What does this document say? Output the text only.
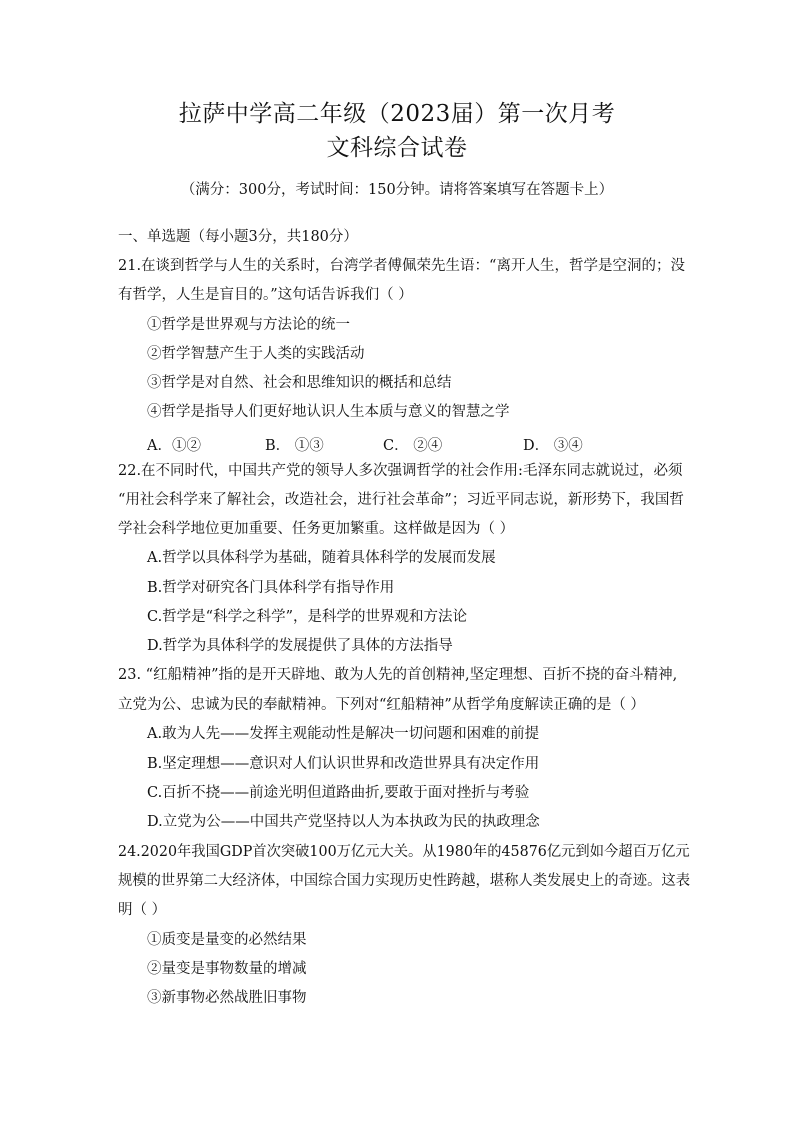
拉萨中学高二年级（2023届）第一次月考
文科综合试卷
（满分：300分，考试时间：150分钟。请将答案填写在答题卡上）
一、单选题（每小题3分，共180分）
21.在谈到哲学与人生的关系时，台湾学者傅佩荣先生语：“离开人生，哲学是空洞的；没
有哲学，人生是盲目的。”这句话告诉我们（ ）
①哲学是世界观与方法论的统一
②哲学智慧产生于人类的实践活动
③哲学是对自然、社会和思维知识的概括和总结
④哲学是指导人们更好地认识人生本质与意义的智慧之学
A．①②	B． ①③	C． ②④	D． ③④
22.在不同时代，中国共产党的领导人多次强调哲学的社会作用:毛泽东同志就说过，必须
“用社会科学来了解社会，改造社会，进行社会革命”；习近平同志说，新形势下，我国哲
学社会科学地位更加重要、任务更加繁重。这样做是因为（ ）
A.哲学以具体科学为基础，随着具体科学的发展而发展
B.哲学对研究各门具体科学有指导作用
C.哲学是“科学之科学”，是科学的世界观和方法论
D.哲学为具体科学的发展提供了具体的方法指导
23. “红船精神”指的是开天辟地、敢为人先的首创精神,坚定理想、百折不挠的奋斗精神,
立党为公、忠诚为民的奉献精神。下列对“红船精神”从哲学角度解读正确的是（ ）
A.敢为人先——发挥主观能动性是解决一切问题和困难的前提
B.坚定理想——意识对人们认识世界和改造世界具有决定作用
C.百折不挠——前途光明但道路曲折,要敢于面对挫折与考验
D.立党为公——中国共产党坚持以人为本执政为民的执政理念
24.2020年我国GDP首次突破100万亿元大关。从1980年的45876亿元到如今超百万亿元
规模的世界第二大经济体，中国综合国力实现历史性跨越，堪称人类发展史上的奇迹。这表
明（ ）
①质变是量变的必然结果
②量变是事物数量的增减
③新事物必然战胜旧事物
